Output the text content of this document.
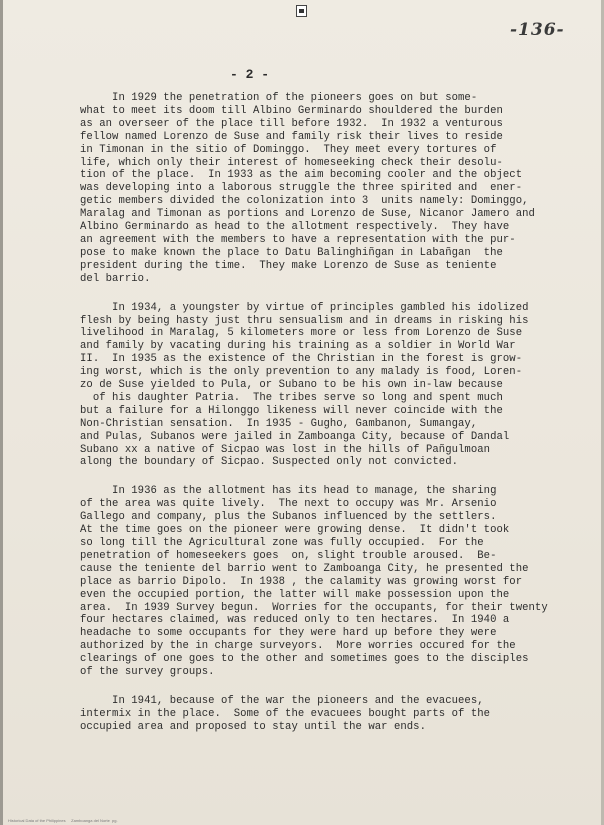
-136-
- 2 -
In 1929 the penetration of the pioneers goes on but some-
what to meet its doom till Albino Germinardo shouldered the burden
as an overseer of the place till before 1932.  In 1932 a venturous
fellow named Lorenzo de Suse and family risk their lives to reside
in Timonan in the sitio of Dominggo.  They meet every tortures of
life, which only their interest of homeseeking check their desolu-
tion of the place.  In 1933 as the aim becoming cooler and the object
was developing into a laborous struggle the three spirited and  ener-
getic members divided the colonization into 3  units namely: Dominggo,
Maralag and Timonan as portions and Lorenzo de Suse, Nicanor Jamero and
Albino Germinardo as head to the allotment respectively.  They have
an agreement with the members to have a representation with the pur-
pose to make known the place to Datu Balinghiñgan in Labañgan  the
president during the time.  They make Lorenzo de Suse as teniente
del barrio.
In 1934, a youngster by virtue of principles gambled his idolized
flesh by being hasty just thru sensualism and in dreams in risking his
livelihood in Maralag, 5 kilometers more or less from Lorenzo de Suse
and family by vacating during his training as a soldier in World War
II.  In 1935 as the existence of the Christian in the forest is grow-
ing worst, which is the only prevention to any malady is food, Loren-
zo de Suse yielded to Pula, or Subano to be his own in-law because
of his daughter Patria.  The tribes serve so long and spent much
but a failure for a Hilonggo likeness will never coincide with the
Non-Christian sensation.  In 1935 - Gugho, Gambanon, Sumangay,
and Pulas, Subanos were jailed in Zamboanga City, because of Dandal
Subano xx a native of Sicpao was lost in the hills of Pañgulmoan
along the boundary of Sicpao. Suspected only not convicted.
In 1936 as the allotment has its head to manage, the sharing
of the area was quite lively.  The next to occupy was Mr. Arsenio
Gallego and company, plus the Subanos influenced by the settlers.
At the time goes on the pioneer were growing dense.  It didn't took
so long till the Agricultural zone was fully occupied.  For the
penetration of homeseekers goes  on, slight trouble aroused.  Be-
cause the teniente del barrio went to Zamboanga City, he presented the
place as barrio Dipolo.  In 1938 , the calamity was growing worst for
even the occupied portion, the latter will make possession upon the
area.  In 1939 Survey begun.  Worries for the occupants, for their twenty
four hectares claimed, was reduced only to ten hectares.  In 1940 a
headache to some occupants for they were hard up before they were
authorized by the in charge surveyors.  More worries occured for the
clearings of one goes to the other and sometimes goes to the disciples
of the survey groups.
In 1941, because of the war the pioneers and the evacuees,
intermix in the place.  Some of the evacuees bought parts of the
occupied area and proposed to stay until the war ends.
Historical Data of the Philippines     Zamboanga del Norte  pg.
